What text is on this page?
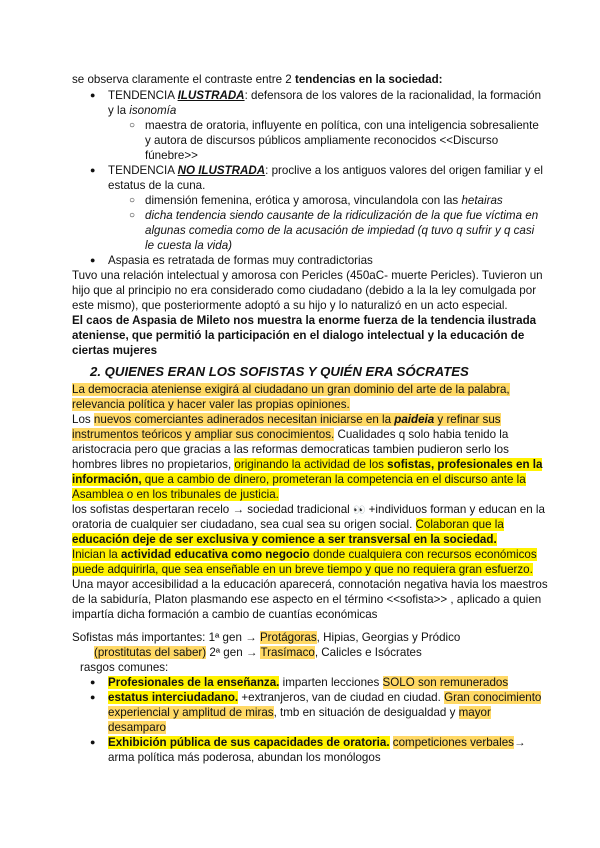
se observa claramente el contraste entre 2 tendencias en la sociedad:
● TENDENCIA ILUSTRADA: defensora de los valores de la racionalidad, la formación
y la isonomía
○ maestra de oratoria, influyente en política, con una inteligencia sobresaliente
y autora de discursos públicos ampliamente reconocidos <<Discurso
fúnebre>>
● TENDENCIA NO ILUSTRADA: proclive a los antiguos valores del origen familiar y el
estatus de la cuna.
○ dimensión femenina, erótica y amorosa, vinculandola con las hetairas
○ dicha tendencia siendo causante de la ridiculización de la que fue víctima en
algunas comedia como de la acusación de impiedad (q tuvo q sufrir y q casi
le cuesta la vida)
● Aspasia es retratada de formas muy contradictorias
Tuvo una relación intelectual y amorosa con Pericles (450aC- muerte Pericles). Tuvieron un
hijo que al principio no era considerado como ciudadano (debido a la la ley comulgada por
este mismo), que posteriormente adoptó a su hijo y lo naturalizó en un acto especial.
El caos de Aspasia de Mileto nos muestra la enorme fuerza de la tendencia ilustrada
ateniense, que permitió la participación en el dialogo intelectual y la educación de
ciertas mujeres
2. QUIENES ERAN LOS SOFISTAS Y QUIÉN ERA SÓCRATES
La democracia ateniense exigirá al ciudadano un gran dominio del arte de la palabra,
relevancia política y hacer valer las propias opiniones.
Los nuevos comerciantes adinerados necesitan iniciarse en la paideia y refinar sus
instrumentos teóricos y ampliar sus conocimientos. Cualidades q solo habia tenido la
aristocracia pero que gracias a las reformas democraticas tambien pudieron serlo los
hombres libres no propietarios, originando la actividad de los sofistas, profesionales en la
información, que a cambio de dinero, prometeran la competencia en el discurso ante la
Asamblea o en los tribunales de justicia.
los sofistas despertaran recelo → sociedad tradicional 👀 +individuos forman y educan en la
oratoria de cualquier ser ciudadano, sea cual sea su origen social. Colaboran que la
educación deje de ser exclusiva y comience a ser transversal en la sociedad.
Inician la actividad educativa como negocio donde cualquiera con recursos económicos
puede adquirirla, que sea enseñable en un breve tiempo y que no requiera gran esfuerzo.
Una mayor accesibilidad a la educación aparecerá, connotación negativa havia los maestros
de la sabiduría, Platon plasmando ese aspecto en el término <<sofista>> , aplicado a quien
impartía dicha formación a cambio de cuantías económicas
Sofistas más importantes: 1ª gen → Protágoras, Hipias, Georgias y Pródico
(prostitutas del saber) 2ª gen → Trasímaco, Calicles e Isócrates
rasgos comunes:
● Profesionales de la enseñanza. imparten lecciones SOLO son remunerados
● estatus interciudadano. +extranjeros, van de ciudad en ciudad. Gran conocimiento
experiencial y amplitud de miras, tmb en situación de desigualdad y mayor
desamparo
● Exhibición pública de sus capacidades de oratoria. competiciones verbales→
arma política más poderosa, abundan los monólogos
